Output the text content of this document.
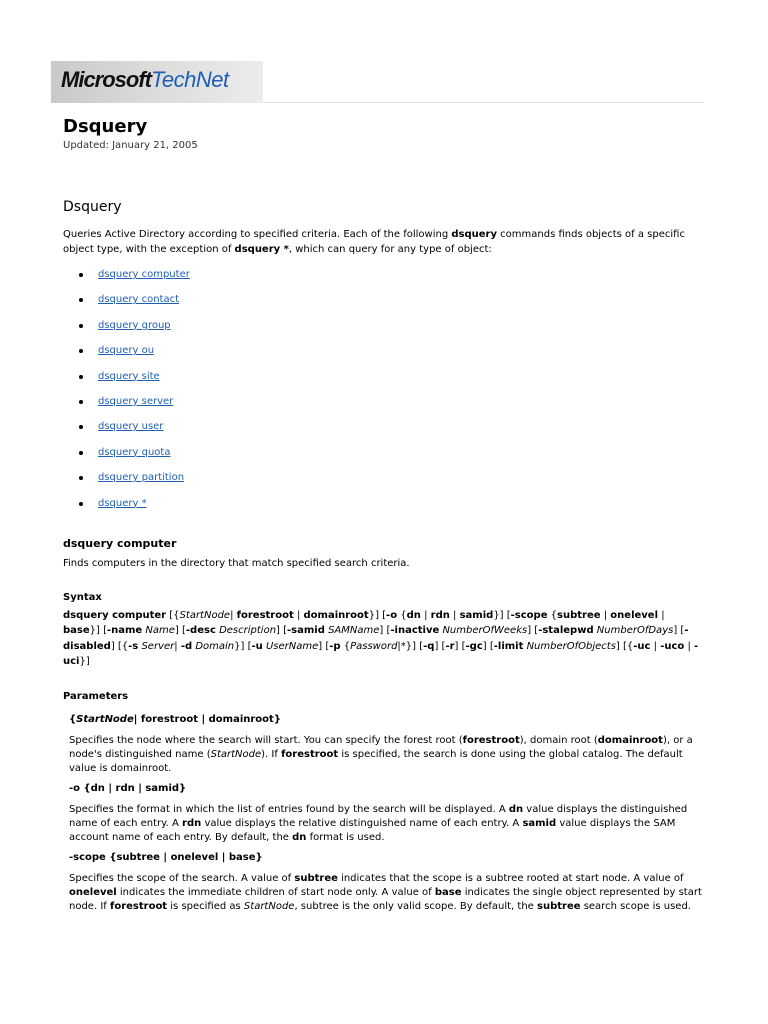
MicrosoftTechNet
Dsquery
Updated: January 21, 2005
Dsquery

Queries Active Directory according to specified criteria. Each of the following dsquery commands finds objects of a specific object type, with the exception of dsquery *, which can query for any type of object:

dsquery computer
dsquery contact
dsquery group
dsquery ou
dsquery site
dsquery server
dsquery user
dsquery quota
dsquery partition
dsquery *
dsquery computer

Finds computers in the directory that match specified search criteria.

Syntax

dsquery computer [{StartNode| forestroot | domainroot}] [-o {dn | rdn | samid}] [-scope {subtree | onelevel | base}] [-name Name] [-desc Description] [-samid SAMName] [-inactive NumberOfWeeks] [-stalepwd NumberOfDays] [-disabled] [{-s Server| -d Domain}] [-u UserName] [-p {Password|*}] [-q] [-r] [-gc] [-limit NumberOfObjects] [{-uc | -uco | -uci}]

Parameters
{StartNode| forestroot | domainroot}

Specifies the node where the search will start. You can specify the forest root (forestroot), domain root (domainroot), or a node's distinguished name (StartNode). If forestroot is specified, the search is done using the global catalog. The default value is domainroot.

-o {dn | rdn | samid}

Specifies the format in which the list of entries found by the search will be displayed. A dn value displays the distinguished name of each entry. A rdn value displays the relative distinguished name of each entry. A samid value displays the SAM account name of each entry. By default, the dn format is used.

-scope {subtree | onelevel | base}

Specifies the scope of the search. A value of subtree indicates that the scope is a subtree rooted at start node. A value of onelevel indicates the immediate children of start node only. A value of base indicates the single object represented by start node. If forestroot is specified as StartNode, subtree is the only valid scope. By default, the subtree search scope is used.
